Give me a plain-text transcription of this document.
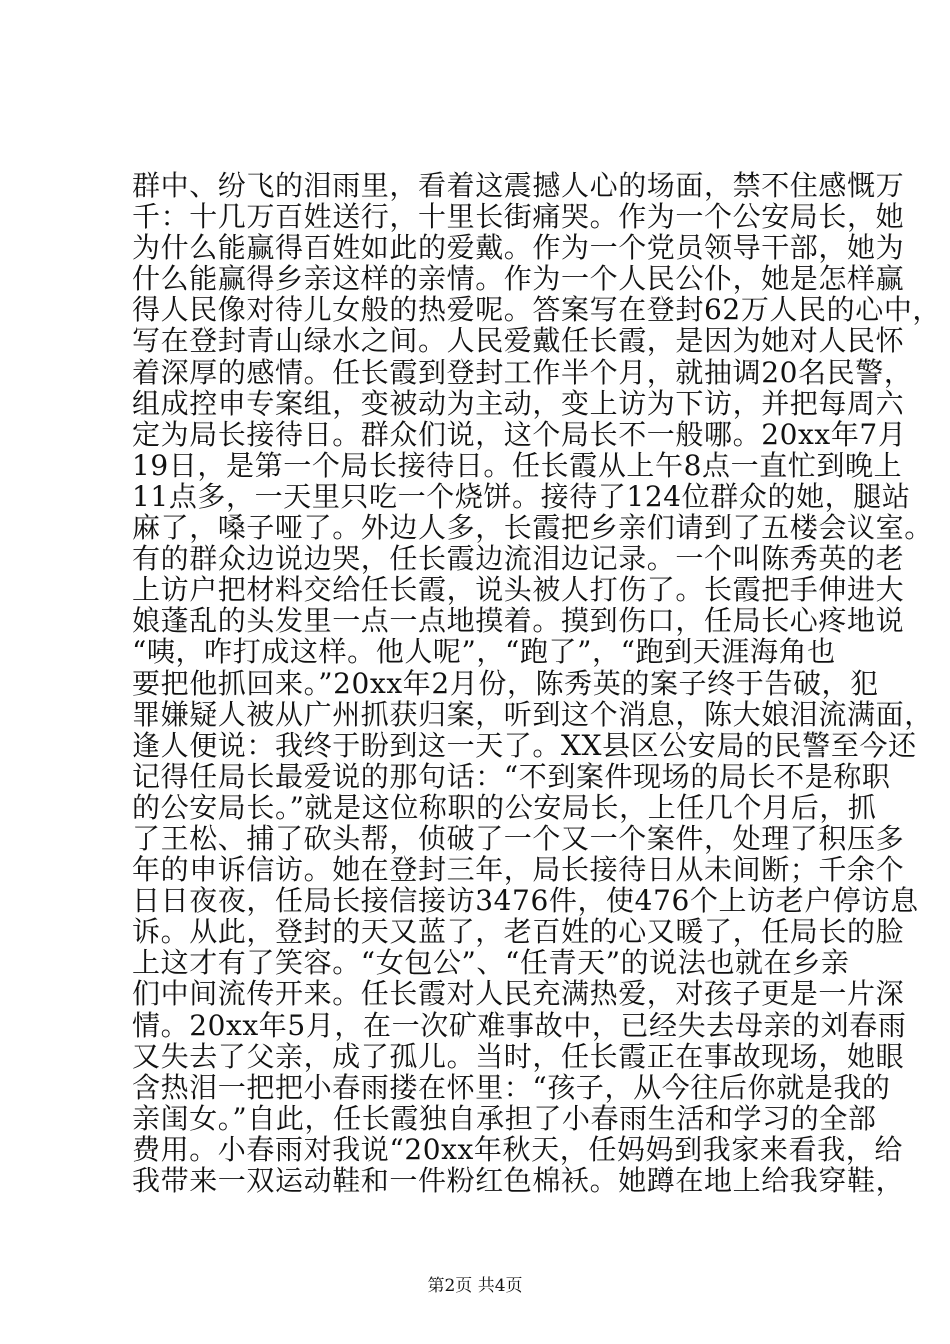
群中、纷飞的泪雨里，看着这震撼人心的场面，禁不住感慨万
千：十几万百姓送行，十里长街痛哭。作为一个公安局长，她
为什么能赢得百姓如此的爱戴。作为一个党员领导干部，她为
什么能赢得乡亲这样的亲情。作为一个人民公仆，她是怎样赢
得人民像对待儿女般的热爱呢。答案写在登封62万人民的心中，
写在登封青山绿水之间。人民爱戴任长霞，是因为她对人民怀
着深厚的感情。任长霞到登封工作半个月，就抽调20名民警，
组成控申专案组，变被动为主动，变上访为下访，并把每周六
定为局长接待日。群众们说，这个局长不一般哪。20xx年7月
19日，是第一个局长接待日。任长霞从上午8点一直忙到晚上
11点多，一天里只吃一个烧饼。接待了124位群众的她，腿站
麻了，嗓子哑了。外边人多，长霞把乡亲们请到了五楼会议室。
有的群众边说边哭，任长霞边流泪边记录。一个叫陈秀英的老
上访户把材料交给任长霞，说头被人打伤了。长霞把手伸进大
娘蓬乱的头发里一点一点地摸着。摸到伤口，任局长心疼地说
“咦，咋打成这样。他人呢”，“跑了”，“跑到天涯海角也
要把他抓回来。”20xx年2月份，陈秀英的案子终于告破，犯
罪嫌疑人被从广州抓获归案，听到这个消息，陈大娘泪流满面，
逢人便说：我终于盼到这一天了。XX县区公安局的民警至今还
记得任局长最爱说的那句话：“不到案件现场的局长不是称职
的公安局长。”就是这位称职的公安局长，上任几个月后，抓
了王松、捕了砍头帮，侦破了一个又一个案件，处理了积压多
年的申诉信访。她在登封三年，局长接待日从未间断；千余个
日日夜夜，任局长接信接访3476件，使476个上访老户停访息
诉。从此，登封的天又蓝了，老百姓的心又暖了，任局长的脸
上这才有了笑容。“女包公”、“任青天”的说法也就在乡亲
们中间流传开来。任长霞对人民充满热爱，对孩子更是一片深
情。20xx年5月，在一次矿难事故中，已经失去母亲的刘春雨
又失去了父亲，成了孤儿。当时，任长霞正在事故现场，她眼
含热泪一把把小春雨搂在怀里：“孩子，从今往后你就是我的
亲闺女。”自此，任长霞独自承担了小春雨生活和学习的全部
费用。小春雨对我说“20xx年秋天，任妈妈到我家来看我，给
我带来一双运动鞋和一件粉红色棉袄。她蹲在地上给我穿鞋，
第2页 共4页
